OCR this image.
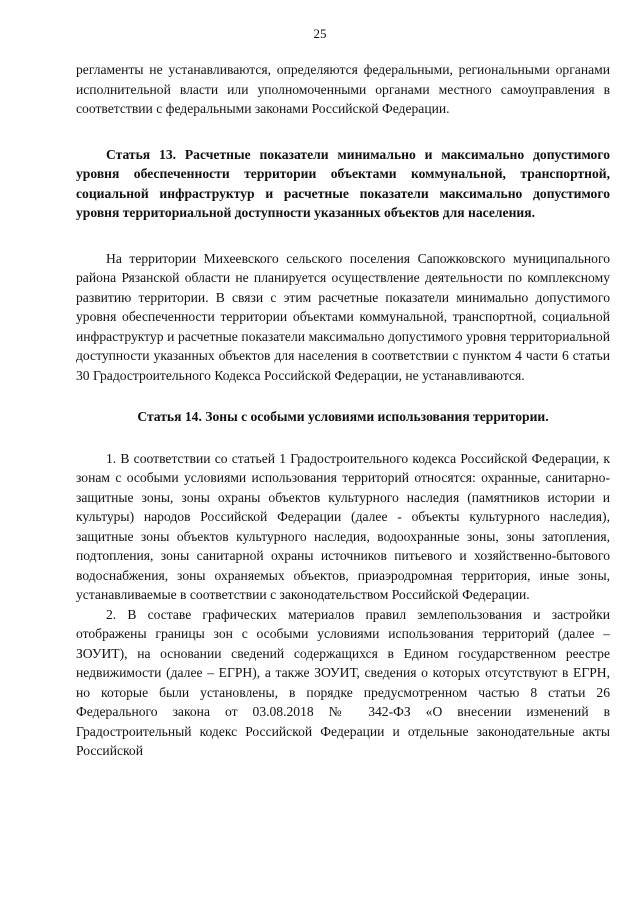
25

регламенты не устанавливаются, определяются федеральными, региональными органами исполнительной власти или уполномоченными органами местного самоуправления в соответствии с федеральными законами Российской Федерации.

Статья 13. Расчетные показатели минимально и максимально допустимого уровня обеспеченности территории объектами коммунальной, транспортной, социальной инфраструктур и расчетные показатели максимально допустимого уровня территориальной доступности указанных объектов для населения.

На территории Михеевского сельского поселения Сапожковского муниципального района Рязанской области не планируется осуществление деятельности по комплексному развитию территории. В связи с этим расчетные показатели минимально допустимого уровня обеспеченности территории объектами коммунальной, транспортной, социальной инфраструктур и расчетные показатели максимально допустимого уровня территориальной доступности указанных объектов для населения в соответствии с пунктом 4 части 6 статьи 30 Градостроительного Кодекса Российской Федерации, не устанавливаются.

Статья 14. Зоны с особыми условиями использования территории.

1. В соответствии со статьей 1 Градостроительного кодекса Российской Федерации, к зонам с особыми условиями использования территорий относятся: охранные, санитарно-защитные зоны, зоны охраны объектов культурного наследия (памятников истории и культуры) народов Российской Федерации (далее - объекты культурного наследия), защитные зоны объектов культурного наследия, водоохранные зоны, зоны затопления, подтопления, зоны санитарной охраны источников питьевого и хозяйственно-бытового водоснабжения, зоны охраняемых объектов, приаэродромная территория, иные зоны, устанавливаемые в соответствии с законодательством Российской Федерации.

2. В составе графических материалов правил землепользования и застройки отображены границы зон с особыми условиями использования территорий (далее – ЗОУИТ), на основании сведений содержащихся в Едином государственном реестре недвижимости (далее – ЕГРН), а также ЗОУИТ, сведения о которых отсутствуют в ЕГРН, но которые были установлены, в порядке предусмотренном частью 8 статьи 26 Федерального закона от 03.08.2018 № 342-ФЗ «О внесении изменений в Градостроительный кодекс Российской Федерации и отдельные законодательные акты Российской
